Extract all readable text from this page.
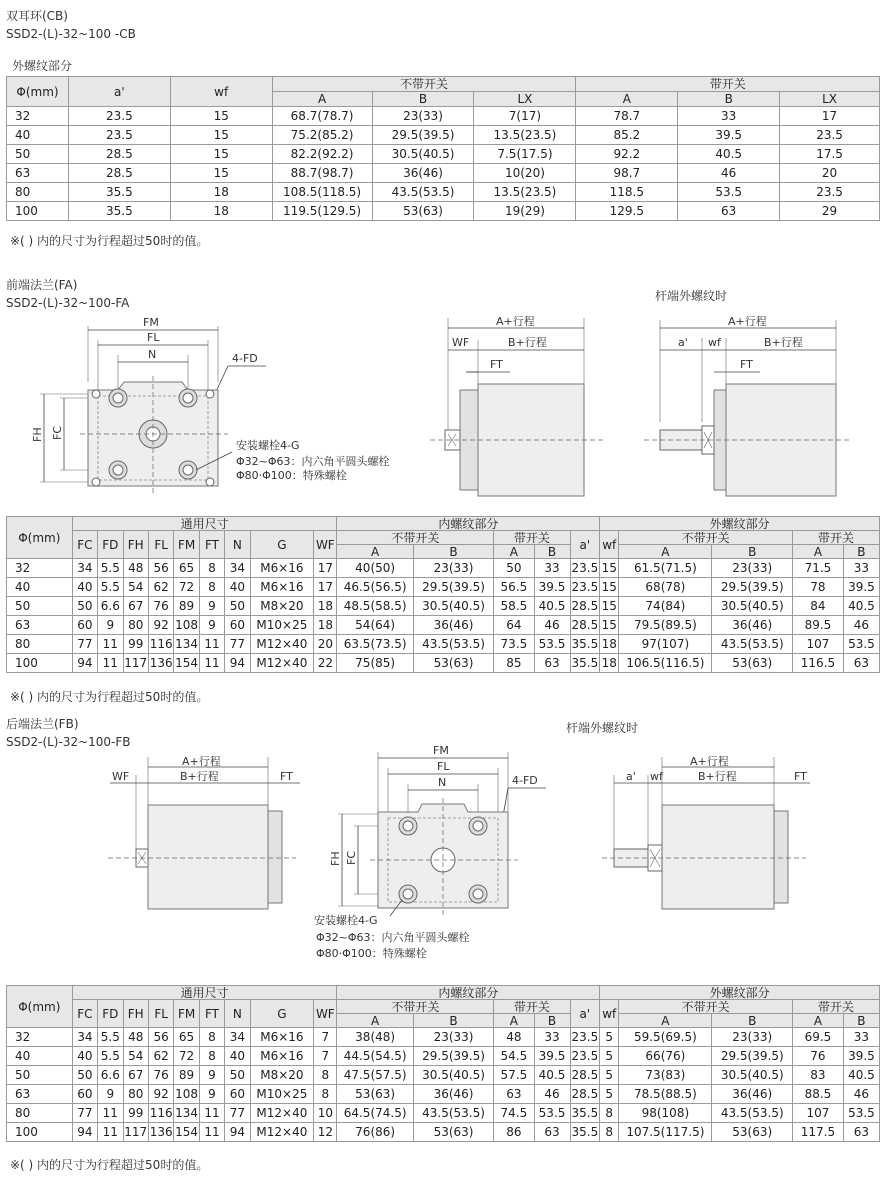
双耳环(CB)
SSD2-(L)-32~100 -CB
外螺纹部分
Φ(mm)	a'	wf	不带开关			带开关		
			A	B	LX	A	B	LX
32	23.5	15	68.7(78.7)	23(33)	7(17)	78.7	33	17
40	23.5	15	75.2(85.2)	29.5(39.5)	13.5(23.5)	85.2	39.5	23.5
50	28.5	15	82.2(92.2)	30.5(40.5)	7.5(17.5)	92.2	40.5	17.5
63	28.5	15	88.7(98.7)	36(46)	10(20)	98.7	46	20
80	35.5	18	108.5(118.5)	43.5(53.5)	13.5(23.5)	118.5	53.5	23.5
100	35.5	18	119.5(129.5)	53(63)	19(29)	129.5	63	29
※( ) 内的尺寸为行程超过50时的值。
前端法兰(FA)
SSD2-(L)-32~100-FA	杆端外螺纹时
FM
FL
N	4-FD
FH FC
安装螺栓4-G
Φ32~Φ63：内六角平圆头螺栓
Φ80·Φ100：特殊螺栓
A+行程
WF	B+行程
FT
A+行程
a' wf	B+行程
FT
Φ(mm)	通用尺寸									内螺纹部分					外螺纹部分				
	FC	FD	FH	FL	FM	FT	N	G	WF	不带开关		带开关		a'	wf	不带开关		带开关	
										A	B	A	B			A	B	A	B
32	34	5.5	48	56	65	8	34	M6×16	17	40(50)	23(33)	50	33	23.5	15	61.5(71.5)	23(33)	71.5	33
40	40	5.5	54	62	72	8	40	M6×16	17	46.5(56.5)	29.5(39.5)	56.5	39.5	23.5	15	68(78)	29.5(39.5)	78	39.5
50	50	6.6	67	76	89	9	50	M8×20	18	48.5(58.5)	30.5(40.5)	58.5	40.5	28.5	15	74(84)	30.5(40.5)	84	40.5
63	60	9	80	92	108	9	60	M10×25	18	54(64)	36(46)	64	46	28.5	15	79.5(89.5)	36(46)	89.5	46
80	77	11	99	116	134	11	77	M12×40	20	63.5(73.5)	43.5(53.5)	73.5	53.5	35.5	18	97(107)	43.5(53.5)	107	53.5
100	94	11	117	136	154	11	94	M12×40	22	75(85)	53(63)	85	63	35.5	18	106.5(116.5)	53(63)	116.5	63
※( ) 内的尺寸为行程超过50时的值。
后端法兰(FB)
SSD2-(L)-32~100-FB
杆端外螺纹时
A+行程
WF	B+行程	FT
FM
FL
N	4-FD
FH FC
安装螺栓4-G
Φ32~Φ63：内六角平圆头螺栓
Φ80·Φ100：特殊螺栓
A+行程
a' wf	B+行程	FT
Φ(mm)	通用尺寸									内螺纹部分					外螺纹部分				
	FC	FD	FH	FL	FM	FT	N	G	WF	不带开关		带开关		a'	wf	不带开关		带开关	
										A	B	A	B			A	B	A	B
32	34	5.5	48	56	65	8	34	M6×16	7	38(48)	23(33)	48	33	23.5	5	59.5(69.5)	23(33)	69.5	33
40	40	5.5	54	62	72	8	40	M6×16	7	44.5(54.5)	29.5(39.5)	54.5	39.5	23.5	5	66(76)	29.5(39.5)	76	39.5
50	50	6.6	67	76	89	9	50	M8×20	8	47.5(57.5)	30.5(40.5)	57.5	40.5	28.5	5	73(83)	30.5(40.5)	83	40.5
63	60	9	80	92	108	9	60	M10×25	8	53(63)	36(46)	63	46	28.5	5	78.5(88.5)	36(46)	88.5	46
80	77	11	99	116	134	11	77	M12×40	10	64.5(74.5)	43.5(53.5)	74.5	53.5	35.5	8	98(108)	43.5(53.5)	107	53.5
100	94	11	117	136	154	11	94	M12×40	12	76(86)	53(63)	86	63	35.5	8	107.5(117.5)	53(63)	117.5	63
※( ) 内的尺寸为行程超过50时的值。
